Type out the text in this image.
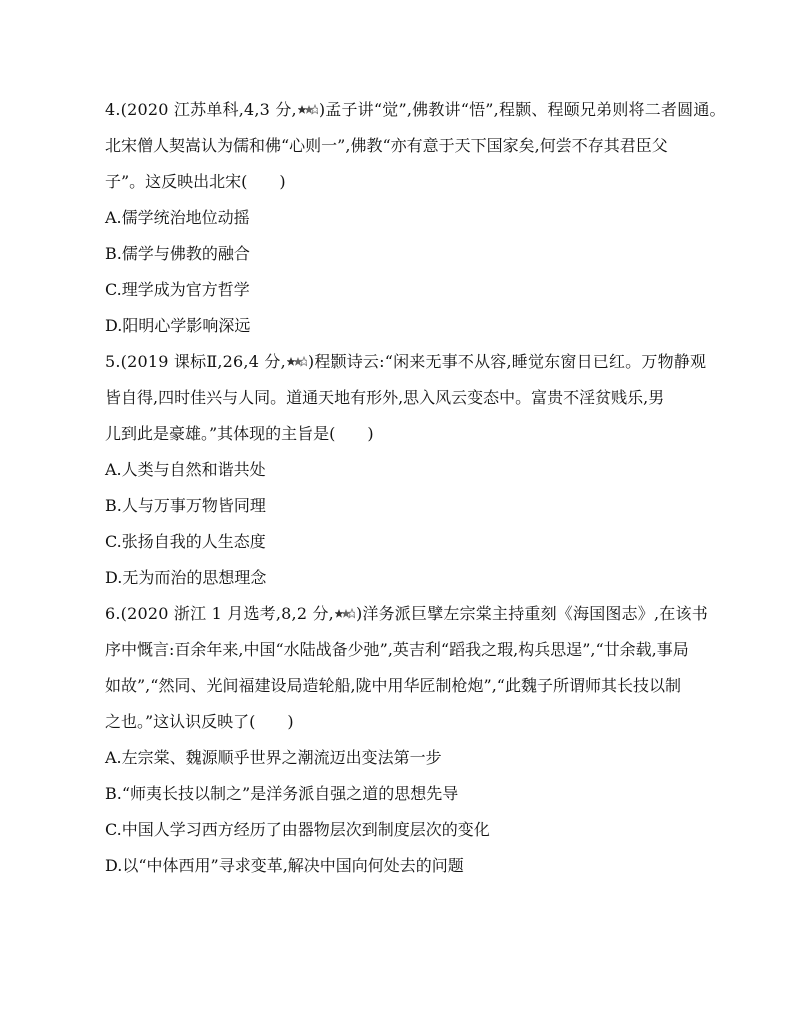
4.(2020 江苏单科,4,3 分, )孟子讲“觉”,佛教讲“悟”,程颢、程颐兄弟则将二者圆通。
北宋僧人契嵩认为儒和佛“心则一”,佛教“亦有意于天下国家矣,何尝不存其君臣父
子”。这反映出北宋(　　)
A.儒学统治地位动摇
B.儒学与佛教的融合
C.理学成为官方哲学
D.阳明心学影响深远
5.(2019 课标Ⅱ,26,4 分, )程颢诗云:“闲来无事不从容,睡觉东窗日已红。万物静观
皆自得,四时佳兴与人同。道通天地有形外,思入风云变态中。富贵不淫贫贱乐,男
儿到此是豪雄。”其体现的主旨是(　　)
A.人类与自然和谐共处
B.人与万事万物皆同理
C.张扬自我的人生态度
D.无为而治的思想理念
6.(2020 浙江 1 月选考,8,2 分, )洋务派巨擘左宗棠主持重刻《海国图志》,在该书
序中慨言:百余年来,中国“水陆战备少弛”,英吉利“蹈我之瑕,构兵思逞”,“廿余载,事局
如故”,“然同、光间福建设局造轮船,陇中用华匠制枪炮”,“此魏子所谓师其长技以制
之也。”这认识反映了(　　)
A.左宗棠、魏源顺乎世界之潮流迈出变法第一步
B.“师夷长技以制之”是洋务派自强之道的思想先导
C.中国人学习西方经历了由器物层次到制度层次的变化
D.以“中体西用”寻求变革,解决中国向何处去的问题
